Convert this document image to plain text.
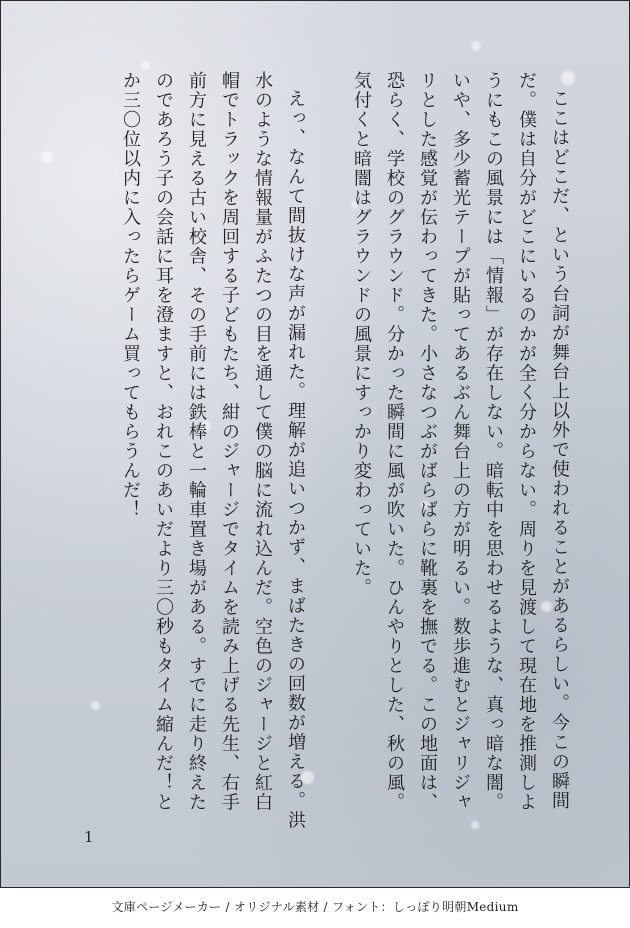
ここはどこだ、という台詞が舞台上以外で使われることがあるらしい。今この瞬間だ。僕は自分がどこにいるのかが全く分からない。周りを見渡して現在地を推測しようにもこの風景には「情報」が存在しない。暗転中を思わせるような、真っ暗な闇。いや、多少蓄光テープが貼ってあるぶん舞台上の方が明るい。数歩進むとジャリジャリとした感覚が伝わってきた。小さなつぶがばらばらに靴裏を撫でる。この地面は、恐らく、学校のグラウンド。分かった瞬間に風が吹いた。ひんやりとした、秋の風。気付くと暗闇はグラウンドの風景にすっかり変わっていた。

えっ、なんて間抜けな声が漏れた。理解が追いつかず、まばたきの回数が増える。洪水のような情報量がふたつの目を通して僕の脳に流れ込んだ。空色のジャージと紅白帽でトラックを周回する子どもたち、紺のジャージでタイムを読み上げる先生、右手前方に見える古い校舎、その手前には鉄棒と一輪車置き場がある。すでに走り終えたのであろう子の会話に耳を澄ますと、おれこのあいだより三〇秒もタイム縮んだ！とか三〇位以内に入ったらゲーム買ってもらうんだ！

1
文庫ページメーカー / オリジナル素材 / フォント：しっぽり明朝Medium
